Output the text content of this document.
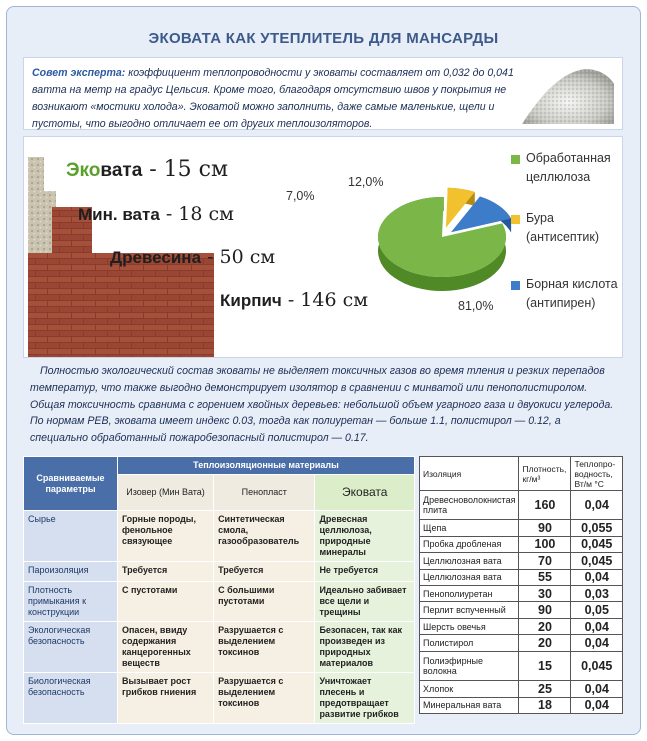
ЭКОВАТА КАК УТЕПЛИТЕЛЬ ДЛЯ МАНСАРДЫ

Совет эксперта: коэффициент теплопроводности у эковаты составляет от 0,032 до 0,041 ватта на метр на градус Цельсия. Кроме того, благодаря отсутствию швов у покрытия не возникают «мостики холода». Эковатой можно заполнить, даже самые маленькие, щели и пустоты, что выгодно отличает ее от других теплоизоляторов.

Эковата - 15 см
Мин. вата - 18 см
Древесина - 50 см
Кирпич - 146 см
Обработанная
целлюлоза
Бура
(антисептик)
Борная кислота
(антипирен)
81,0%
7,0%
12,0%

Полностью экологический состав эковаты не выделяет токсичных газов во время тления и резких перепадов температур, что также выгодно демонстрирует изолятор в сравнении с минватой или пенополистиролом. Общая токсичность сравнима с горением хвойных деревьев: небольшой объем угарного газа и двуокиси углерода. По нормам РЕВ, эковата имеет индекс 0.03, тогда как полиуретан — больше 1.1, полистирол — 0.12, а специально обработанный пожаробезопасный полистирол — 0.17.

Сравниваемые параметры	Теплоизоляционные материалы		
	Изовер (Мин Вата)	Пенопласт	Эковата
Сырье	Горные породы, фенольное связующее	Синтетическая смола, газообразователь	Древесная целлюлоза, природные минералы
Пароизоляция	Требуется	Требуется	Не требуется
Плотность примыкания к конструкции	С пустотами	С большими пустотами	Идеально забивает все щели и трещины
Экологическая безопасность	Опасен, ввиду содержания канцерогенных веществ	Разрушается с выделением токсинов	Безопасен, так как произведен из природных материалов
Биологическая безопасность	Вызывает рост грибков гниения	Разрушается с выделением токсинов	Уничтожает плесень и предотвращает развитие грибков
Изоляция	Плотность, кг/м³	Теплопро-водность, Вт/м °С
Древесноволокнистая плита	160	0,04
Щепа	90	0,055
Пробка дробленая	100	0,045
Целлюлозная вата	70	0,045
Целлюлозная вата	55	0,04
Пенополиуретан	30	0,03
Перлит вспученный	90	0,05
Шерсть овечья	20	0,04
Полистирол	20	0,04
Полиэфирные волокна	15	0,045
Хлопок	25	0,04
Минеральная вата	18	0,04
